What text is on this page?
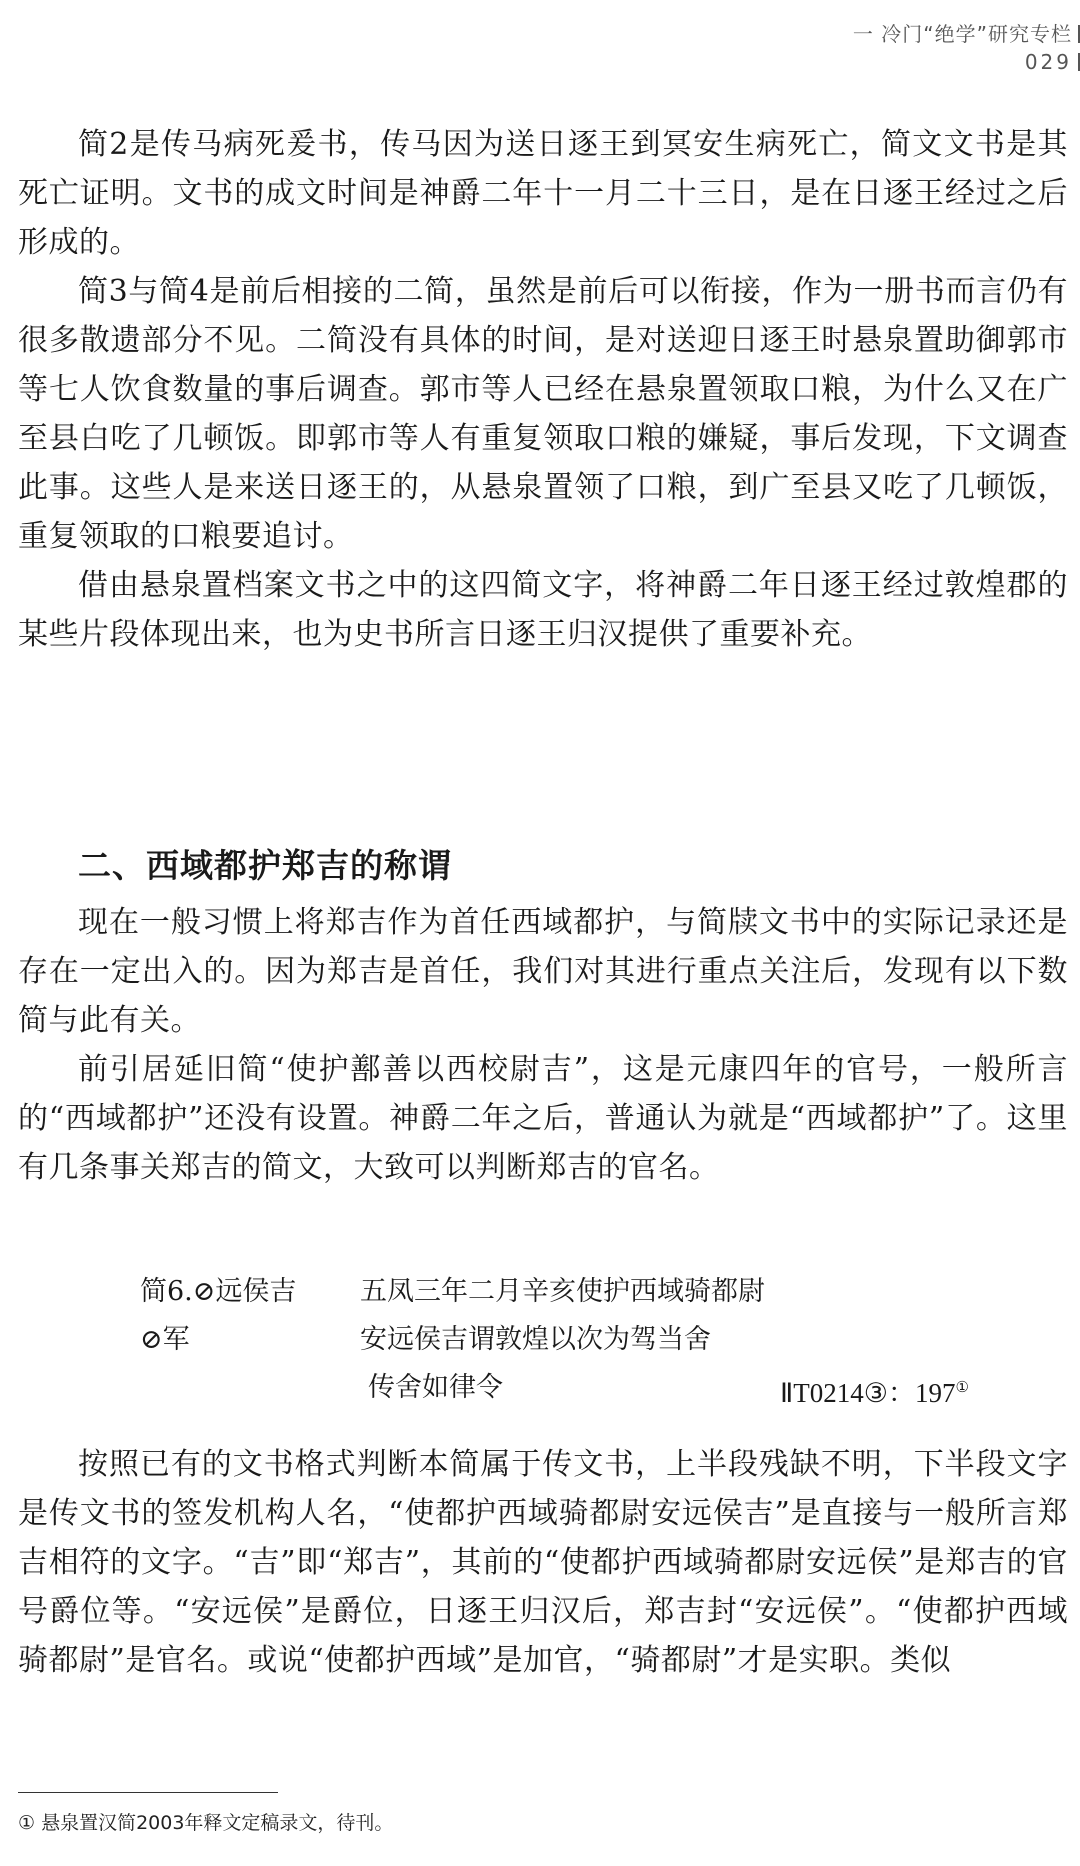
一 冷门“绝学”研究专栏
029

简2是传马病死爰书，传马因为送日逐王到冥安生病死亡，简文文书是其死亡证明。文书的成文时间是神爵二年十一月二十三日，是在日逐王经过之后形成的。

简3与简4是前后相接的二简，虽然是前后可以衔接，作为一册书而言仍有很多散遗部分不见。二简没有具体的时间，是对送迎日逐王时悬泉置助御郭市等七人饮食数量的事后调查。郭市等人已经在悬泉置领取口粮，为什么又在广至县白吃了几顿饭。即郭市等人有重复领取口粮的嫌疑，事后发现，下文调查此事。这些人是来送日逐王的，从悬泉置领了口粮，到广至县又吃了几顿饭，重复领取的口粮要追讨。

借由悬泉置档案文书之中的这四简文字，将神爵二年日逐王经过敦煌郡的某些片段体现出来，也为史书所言日逐王归汉提供了重要补充。

二、西域都护郑吉的称谓

现在一般习惯上将郑吉作为首任西域都护，与简牍文书中的实际记录还是存在一定出入的。因为郑吉是首任，我们对其进行重点关注后，发现有以下数简与此有关。

前引居延旧简“使护鄯善以西校尉吉”，这是元康四年的官号，一般所言的“西域都护”还没有设置。神爵二年之后，普通认为就是“西域都护”了。这里有几条事关郑吉的简文，大致可以判断郑吉的官名。

简6.⊘远侯吉 五凤三年二月辛亥使护西域骑都尉
⊘军	安远侯吉谓敦煌以次为驾当舍
传舍如律令	ⅡT0214③：197①

按照已有的文书格式判断本简属于传文书，上半段残缺不明，下半段文字是传文书的签发机构人名，“使都护西域骑都尉安远侯吉”是直接与一般所言郑吉相符的文字。“吉”即“郑吉”，其前的“使都护西域骑都尉安远侯”是郑吉的官号爵位等。“安远侯”是爵位，日逐王归汉后，郑吉封“安远侯”。“使都护西域骑都尉”是官名。或说“使都护西域”是加官，“骑都尉”才是实职。类似

① 悬泉置汉简2003年释文定稿录文，待刊。
